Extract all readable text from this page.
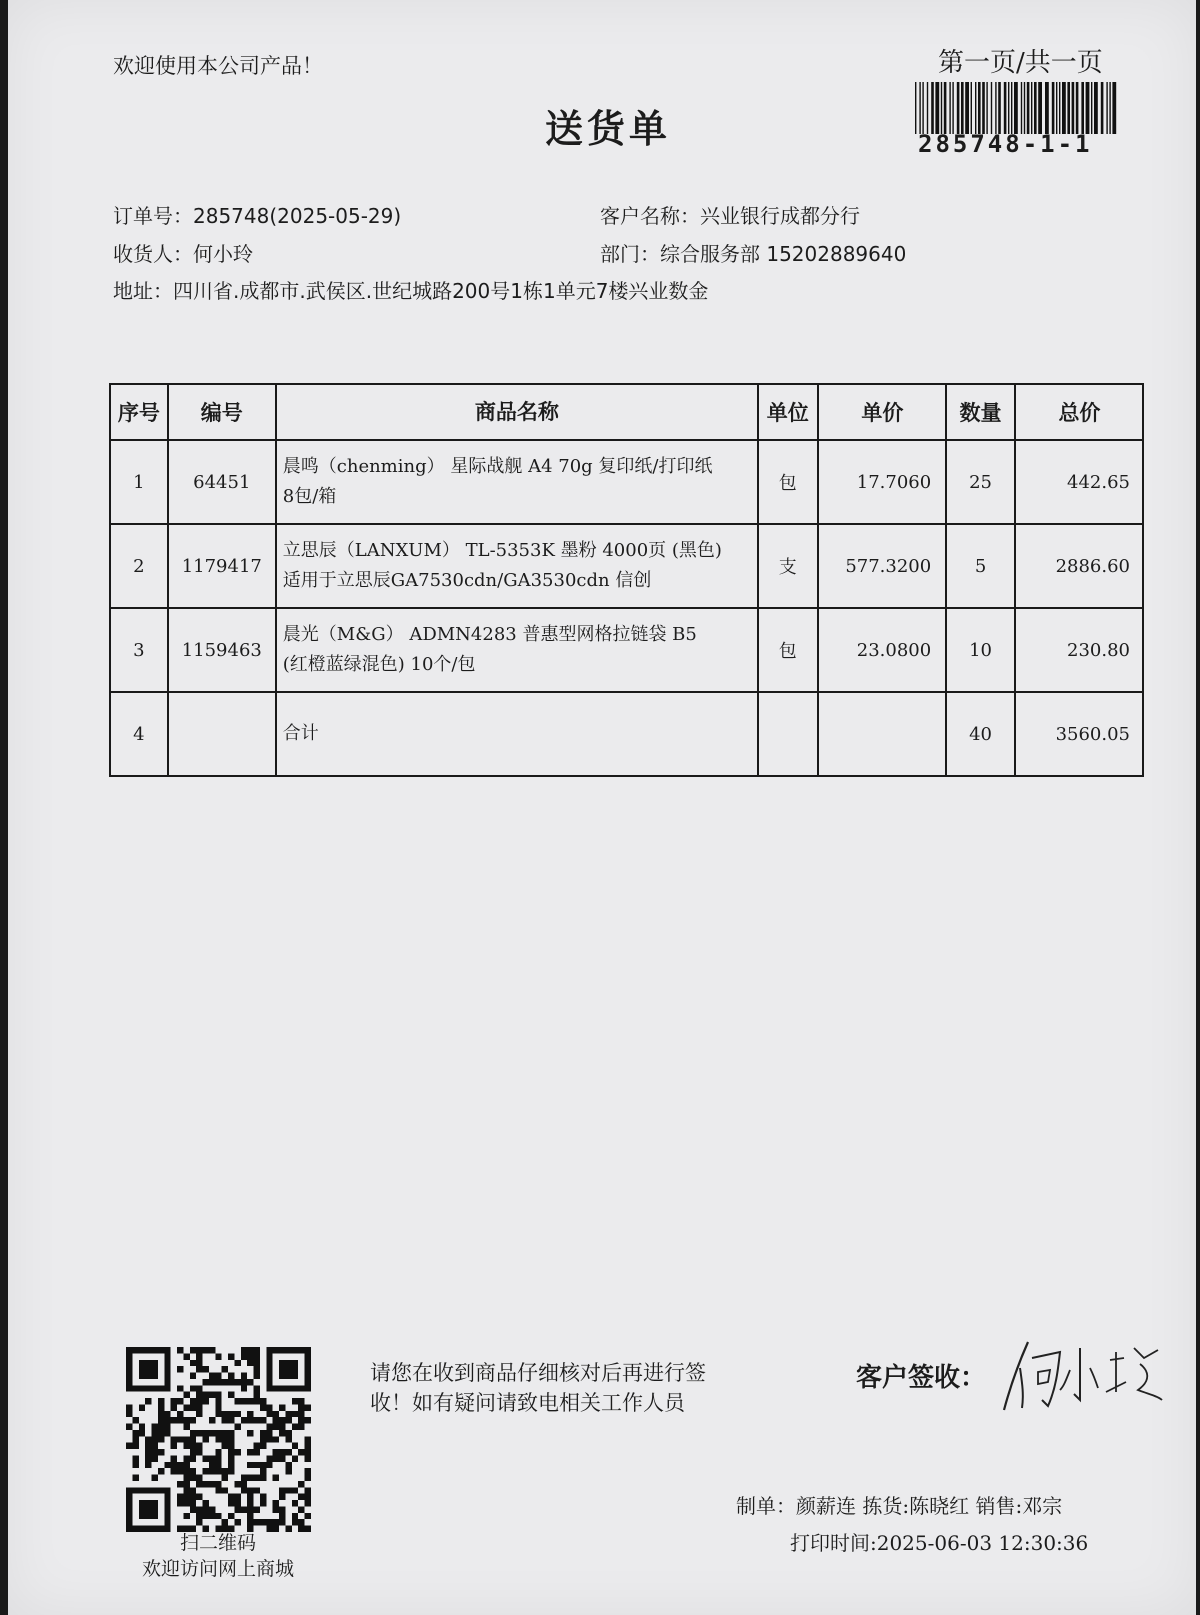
欢迎使用本公司产品！	第一页/共一页
285748-1-1
送货单
订单号：285748(2025-05-29)	客户名称：兴业银行成都分行
收货人：何小玲	部门：综合服务部 15202889640
地址：四川省.成都市.武侯区.世纪城路200号1栋1单元7楼兴业数金
序号	编号	商品名称	单位	单价	数量	总价
1	64451	晨鸣（chenming） 星际战舰 A4 70g 复印纸/打印纸
8包/箱	包	17.7060	25	442.65
2	1179417	立思辰（LANXUM） TL-5353K 墨粉 4000页 (黑色)
适用于立思辰GA7530cdn/GA3530cdn 信创	支	577.3200	5	2886.60
3	1159463	晨光（M&G） ADMN4283 普惠型网格拉链袋 B5
(红橙蓝绿混色) 10个/包	包	23.0800	10	230.80
4		合计			40	3560.05
扫二维码
欢迎访问网上商城
请您在收到商品仔细核对后再进行签
收！如有疑问请致电相关工作人员
客户签收：
制单：颜薪连 拣货:陈晓红 销售:邓宗
打印时间:2025-06-03 12:30:36
